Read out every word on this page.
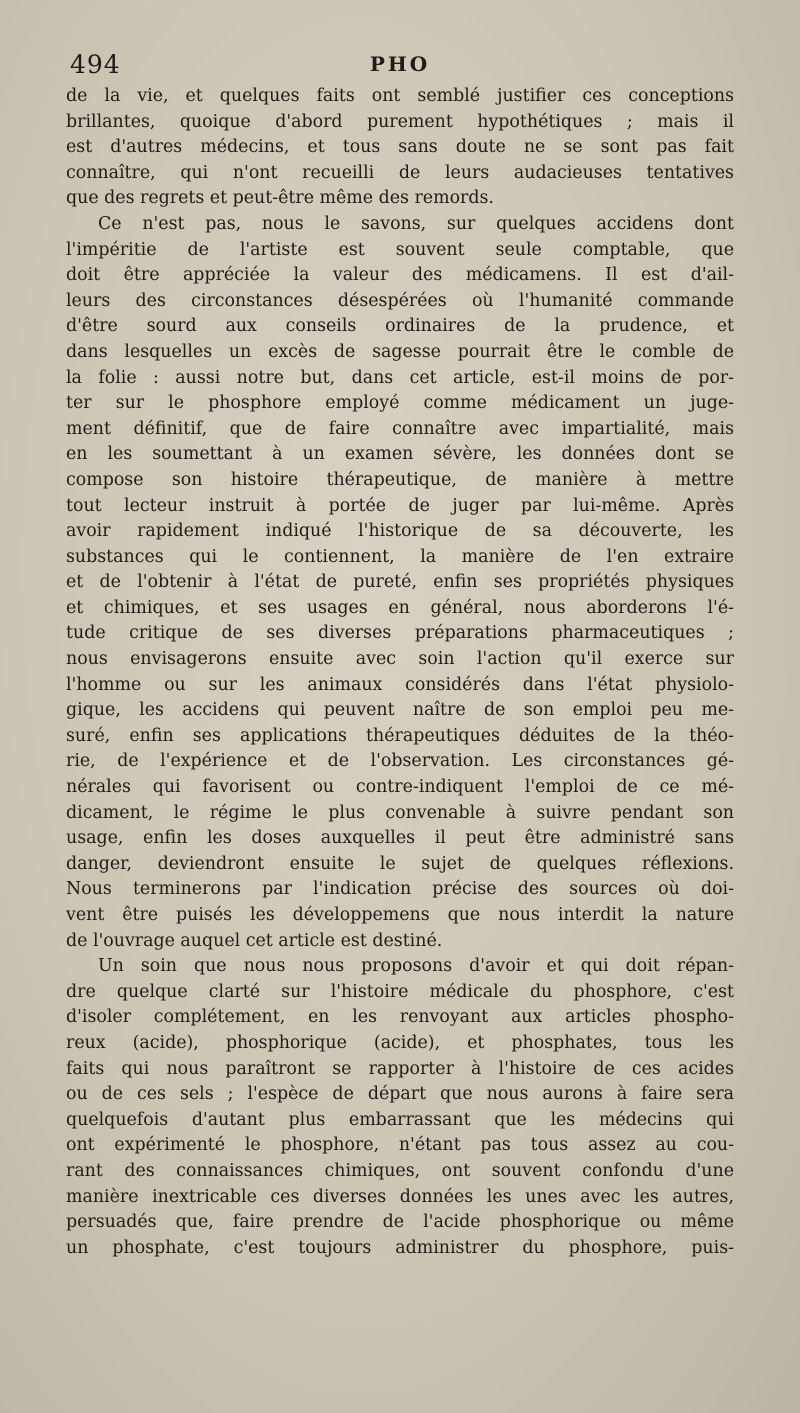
494	PHO
de la vie, et quelques faits ont semblé justifier ces conceptions
brillantes, quoique d'abord purement hypothétiques ; mais il
est d'autres médecins, et tous sans doute ne se sont pas fait
connaître, qui n'ont recueilli de leurs audacieuses tentatives
que des regrets et peut-être même des remords.
Ce n'est pas, nous le savons, sur quelques accidens dont
l'impéritie de l'artiste est souvent seule comptable, que
doit être appréciée la valeur des médicamens. Il est d'ail-
leurs des circonstances désespérées où l'humanité commande
d'être sourd aux conseils ordinaires de la prudence, et
dans lesquelles un excès de sagesse pourrait être le comble de
la folie : aussi notre but, dans cet article, est-il moins de por-
ter sur le phosphore employé comme médicament un juge-
ment définitif, que de faire connaître avec impartialité, mais
en les soumettant à un examen sévère, les données dont se
compose son histoire thérapeutique, de manière à mettre
tout lecteur instruit à portée de juger par lui-même. Après
avoir rapidement indiqué l'historique de sa découverte, les
substances qui le contiennent, la manière de l'en extraire
et de l'obtenir à l'état de pureté, enfin ses propriétés physiques
et chimiques, et ses usages en général, nous aborderons l'é-
tude critique de ses diverses préparations pharmaceutiques ;
nous envisagerons ensuite avec soin l'action qu'il exerce sur
l'homme ou sur les animaux considérés dans l'état physiolo-
gique, les accidens qui peuvent naître de son emploi peu me-
suré, enfin ses applications thérapeutiques déduites de la théo-
rie, de l'expérience et de l'observation. Les circonstances gé-
nérales qui favorisent ou contre-indiquent l'emploi de ce mé-
dicament, le régime le plus convenable à suivre pendant son
usage, enfin les doses auxquelles il peut être administré sans
danger, deviendront ensuite le sujet de quelques réflexions.
Nous terminerons par l'indication précise des sources où doi-
vent être puisés les développemens que nous interdit la nature
de l'ouvrage auquel cet article est destiné.
Un soin que nous nous proposons d'avoir et qui doit répan-
dre quelque clarté sur l'histoire médicale du phosphore, c'est
d'isoler complétement, en les renvoyant aux articles phospho-
reux (acide), phosphorique (acide), et phosphates, tous les
faits qui nous paraîtront se rapporter à l'histoire de ces acides
ou de ces sels ; l'espèce de départ que nous aurons à faire sera
quelquefois d'autant plus embarrassant que les médecins qui
ont expérimenté le phosphore, n'étant pas tous assez au cou-
rant des connaissances chimiques, ont souvent confondu d'une
manière inextricable ces diverses données les unes avec les autres,
persuadés que, faire prendre de l'acide phosphorique ou même
un phosphate, c'est toujours administrer du phosphore, puis-
